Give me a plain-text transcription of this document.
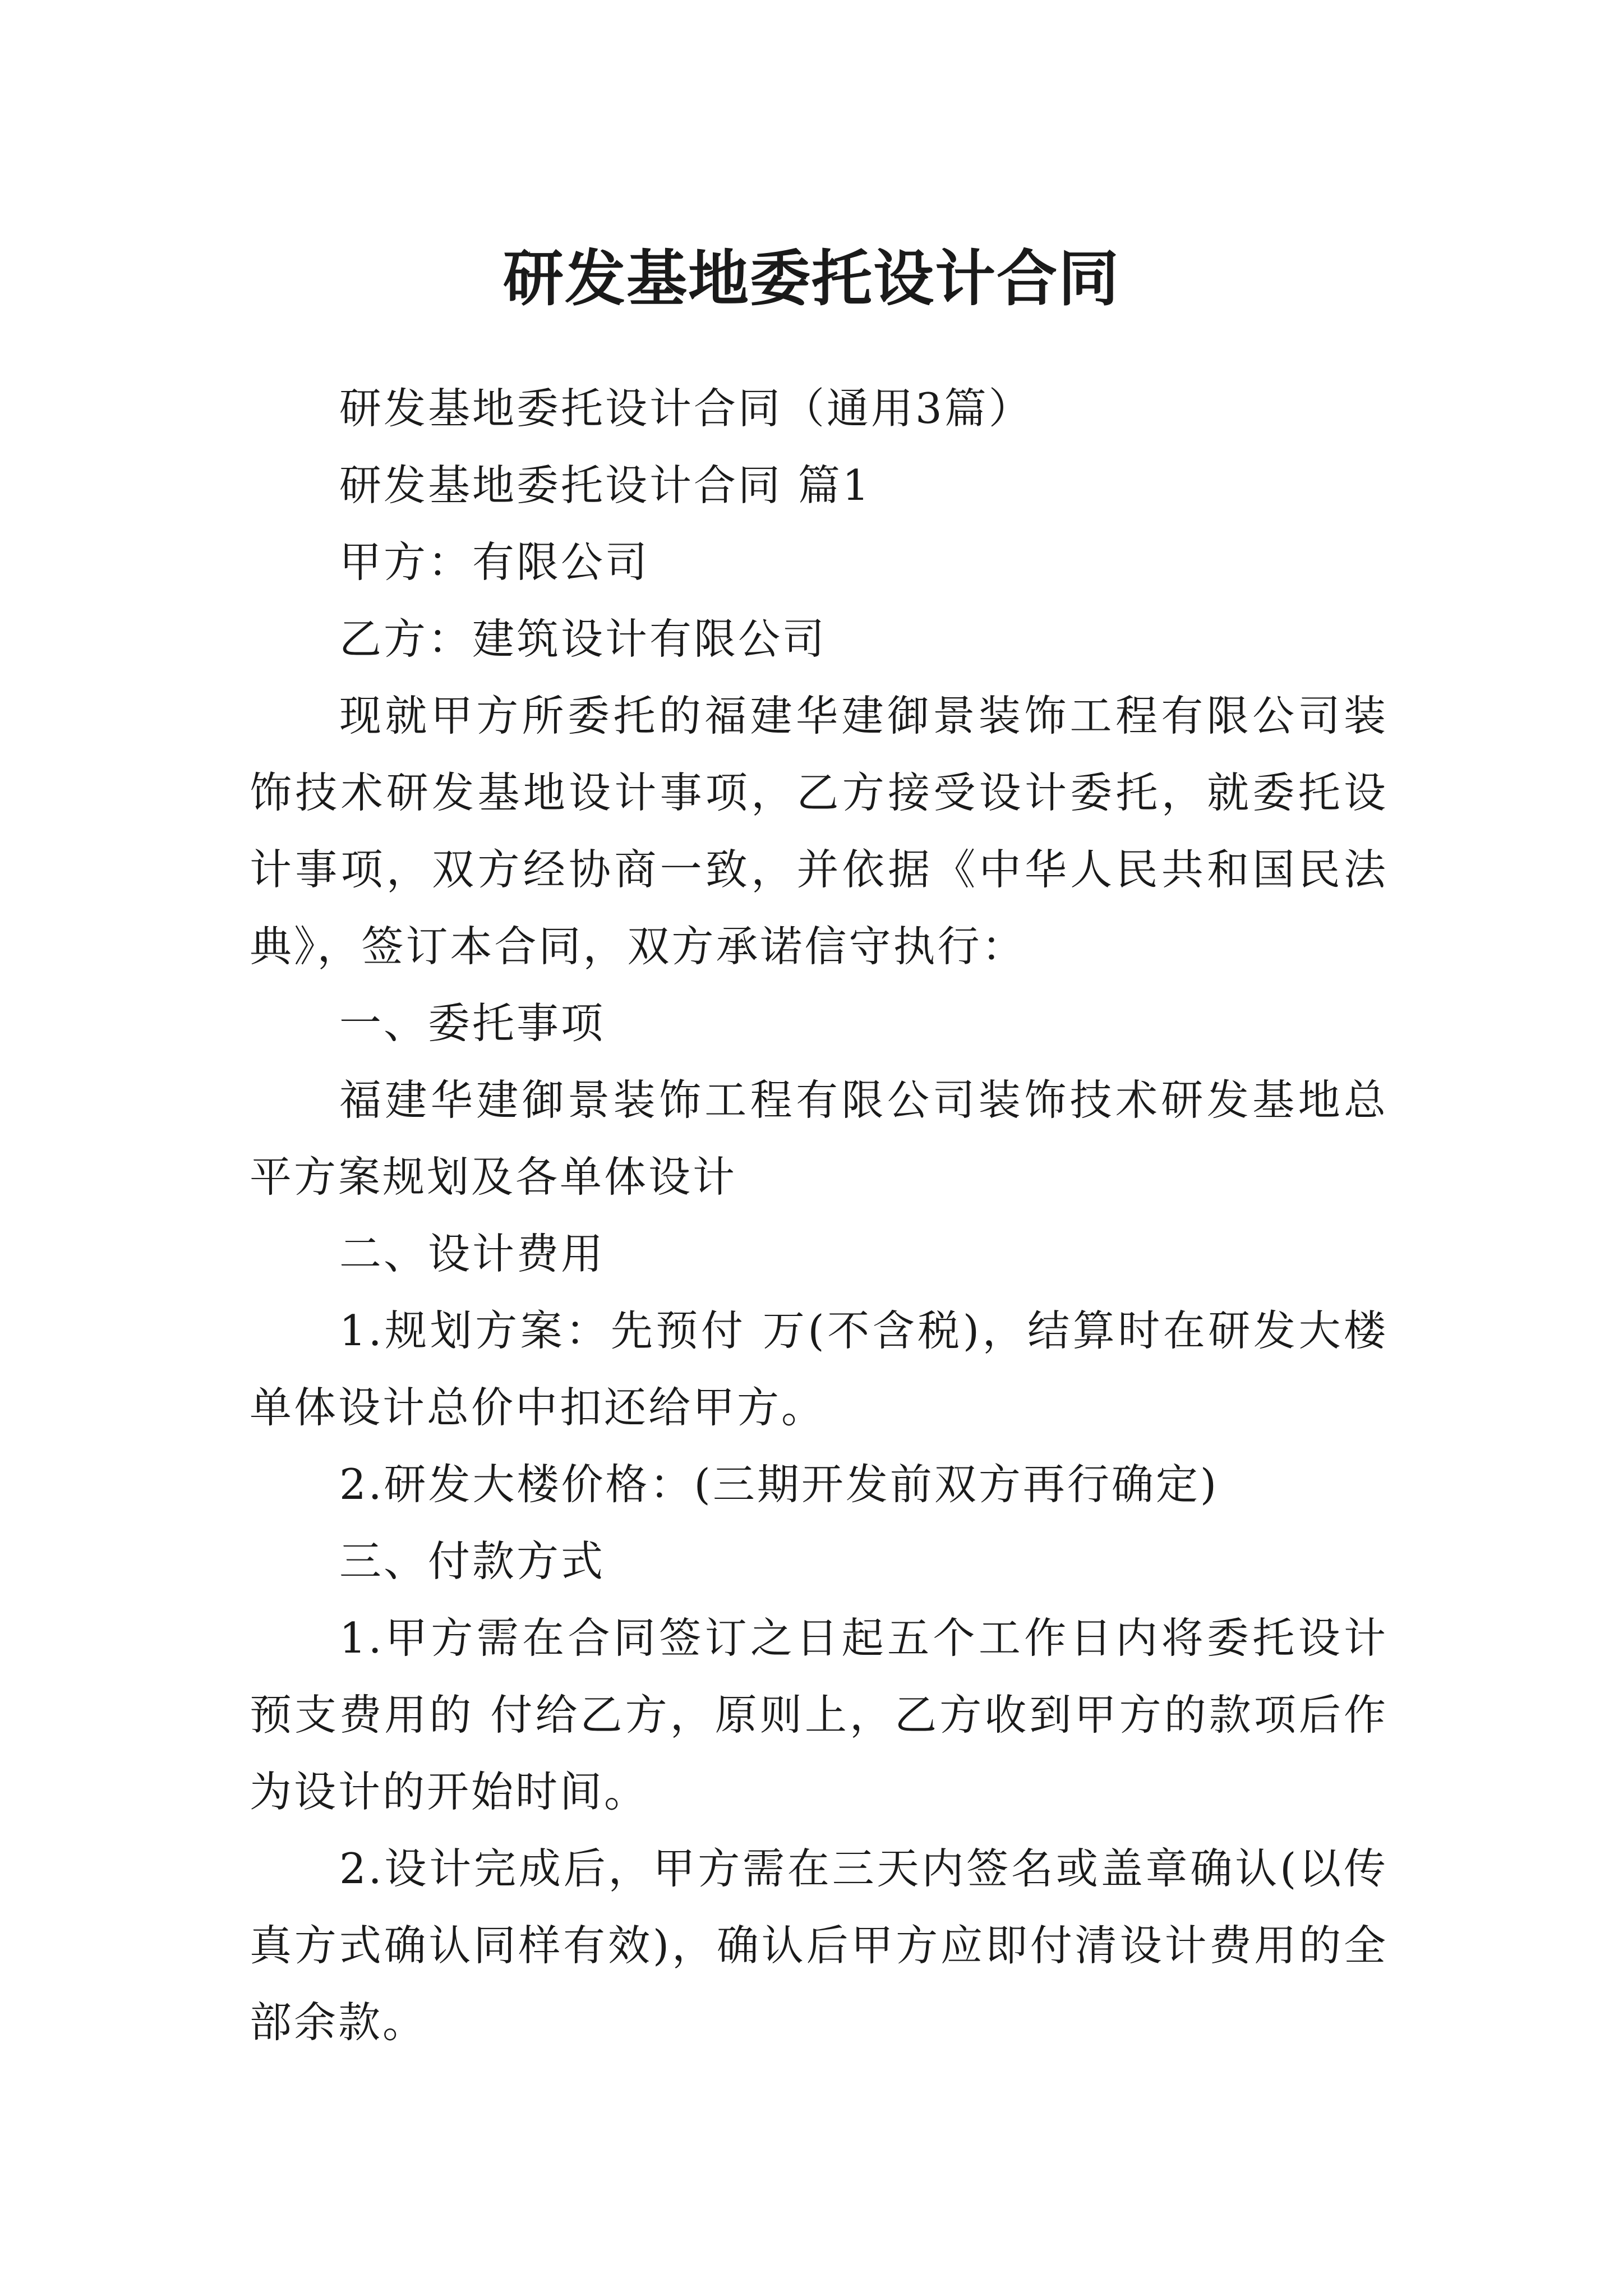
研发基地委托设计合同

研发基地委托设计合同（通用3篇）

研发基地委托设计合同 篇1

甲方：有限公司

乙方：建筑设计有限公司

现就甲方所委托的福建华建御景装饰工程有限公司装饰技术研发基地设计事项，乙方接受设计委托，就委托设计事项，双方经协商一致，并依据《中华人民共和国民法典》，签订本合同，双方承诺信守执行：

一、委托事项

福建华建御景装饰工程有限公司装饰技术研发基地总平方案规划及各单体设计

二、设计费用

1.规划方案：先预付 万(不含税)，结算时在研发大楼单体设计总价中扣还给甲方。

2.研发大楼价格：(三期开发前双方再行确定)

三、付款方式

1.甲方需在合同签订之日起五个工作日内将委托设计预支费用的 付给乙方，原则上，乙方收到甲方的款项后作为设计的开始时间。

2.设计完成后，甲方需在三天内签名或盖章确认(以传真方式确认同样有效)，确认后甲方应即付清设计费用的全部余款。
